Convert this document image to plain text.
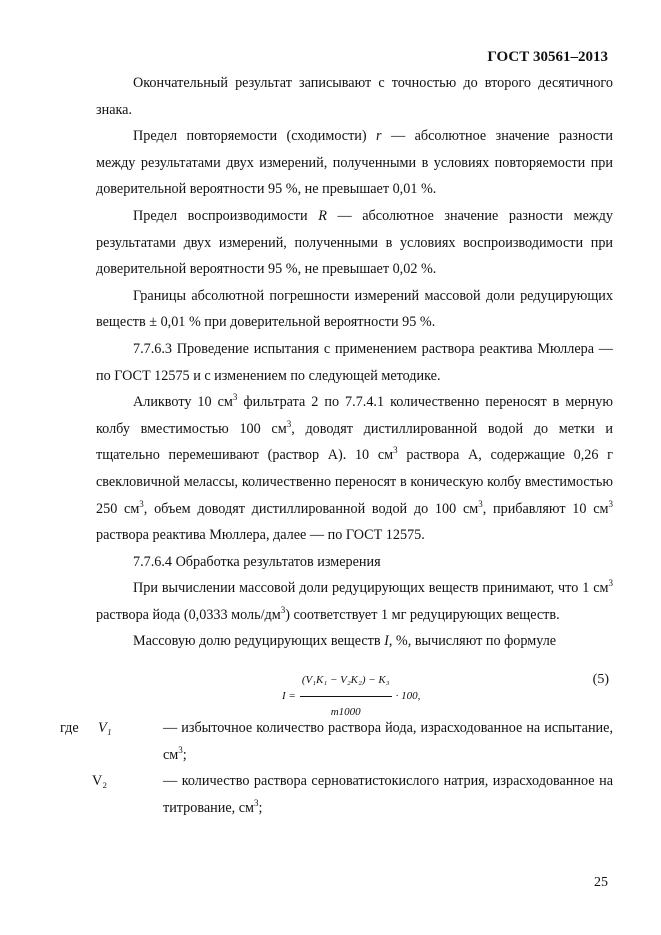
ГОСТ 30561–2013

Окончательный результат записывают с точностью до второго десятичного знака.

Предел повторяемости (сходимости) r — абсолютное значение разности между результатами двух измерений, полученными в условиях повторяемости при доверительной вероятности 95 %, не превышает 0,01 %.

Предел воспроизводимости R — абсолютное значение разности между результатами двух измерений, полученными в условиях воспроизводимости при доверительной вероятности 95 %, не превышает 0,02 %.

Границы абсолютной погрешности измерений массовой доли редуцирующих веществ ± 0,01 % при доверительной вероятности 95 %.

7.7.6.3 Проведение испытания с применением раствора реактива Мюллера — по ГОСТ 12575 и с изменением по следующей методике.

Аликвоту 10 $см^3$ фильтрата 2 по 7.7.4.1 количественно переносят в мерную колбу вместимостью 100 $см^3$, доводят дистиллированной водой до метки и тщательно перемешивают (раствор А). 10 $см^3$ раствора А, содержащие 0,26 г свекловичной мелассы, количественно переносят в коническую колбу вместимостью 250 $см^3$, объем доводят дистиллированной водой до 100 $см^3$, прибавляют 10 $см^3$ раствора реактива Мюллера, далее — по ГОСТ 12575.

7.7.6.4 Обработка результатов измерения

При вычислении массовой доли редуцирующих веществ принимают, что 1 $см^3$ раствора йода (0,0333 моль/$дм^3$) соответствует 1 мг редуцирующих веществ.

Массовую долю редуцирующих веществ I, %, вычисляют по формуле

$I = \frac{\text{(V₁K₁ − V₂K₂) − K₃}}{m1000} \cdot 100$,
(5)
где V₁	— избыточное количество раствора йода, израсходованное на испытание, $см^3$;
V₂	— количество раствора серноватистокислого натрия, израсходованное на титрование, $см^3$;
25
